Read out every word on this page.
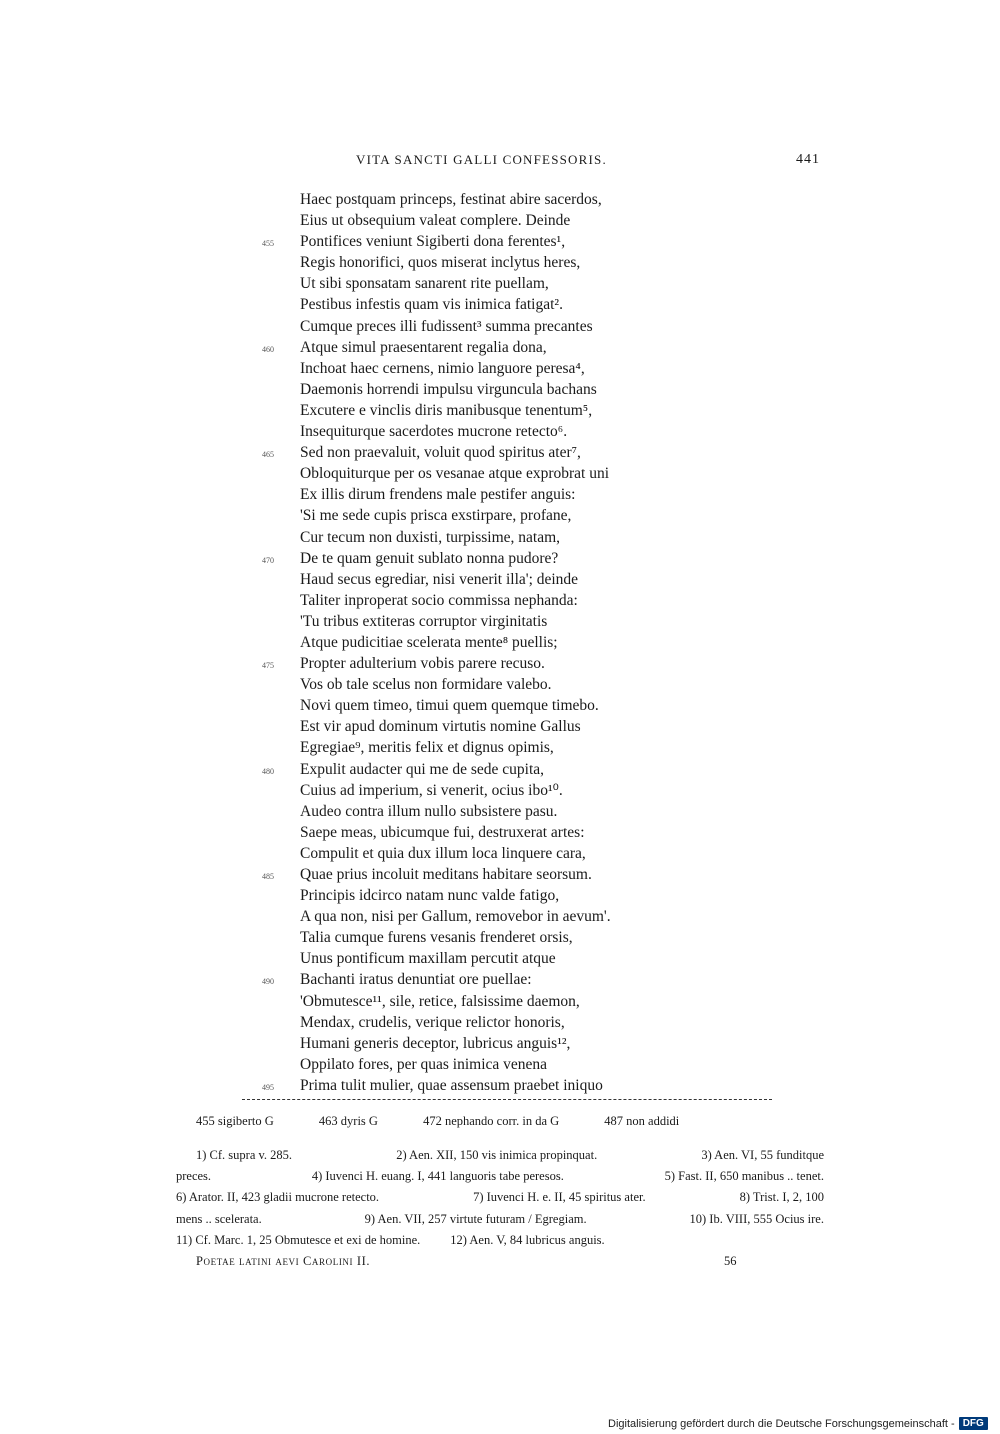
VITA SANCTI GALLI CONFESSORIS.	441
Haec postquam princeps, festinat abire sacerdos,
Eius ut obsequium valeat complere. Deinde
455 Pontifices veniunt Sigiberti dona ferentes¹,
Regis honorifici, quos miserat inclytus heres,
Ut sibi sponsatam sanarent rite puellam,
Pestibus infestis quam vis inimica fatigat².
Cumque preces illi fudissent³ summa precantes
460 Atque simul praesentarent regalia dona,
Inchoat haec cernens, nimio languore peresa⁴,
Daemonis horrendi impulsu virguncula bachans
Excutere e vinclis diris manibusque tenentum⁵,
Insequiturque sacerdotes mucrone retecto⁶.
465 Sed non praevaluit, voluit quod spiritus ater⁷,
Obloquiturque per os vesanae atque exprobrat uni
Ex illis dirum frendens male pestifer anguis:
'Si me sede cupis prisca exstirpare, profane,
Cur tecum non duxisti, turpissime, natam,
470 De te quam genuit sublato nonna pudore?
Haud secus egrediar, nisi venerit illa'; deinde
Taliter inproperat socio commissa nephanda:
'Tu tribus extiteras corruptor virginitatis
Atque pudicitiae scelerata mente⁸ puellis;
475 Propter adulterium vobis parere recuso.
Vos ob tale scelus non formidare valebo.
Novi quem timeo, timui quem quemque timebo.
Est vir apud dominum virtutis nomine Gallus
Egregiae⁹, meritis felix et dignus opimis,
480 Expulit audacter qui me de sede cupita,
Cuius ad imperium, si venerit, ocius ibo¹⁰.
Audeo contra illum nullo subsistere pasu.
Saepe meas, ubicumque fui, destruxerat artes:
Compulit et quia dux illum loca linquere cara,
485 Quae prius incoluit meditans habitare seorsum.
Principis idcirco natam nunc valde fatigo,
A qua non, nisi per Gallum, removebor in aevum'.
Talia cumque furens vesanis frenderet orsis,
Unus pontificum maxillam percutit atque
490 Bachanti iratus denuntiat ore puellae:
'Obmutesce¹¹, sile, retice, falsissime daemon,
Mendax, crudelis, verique relictor honoris,
Humani generis deceptor, lubricus anguis¹²,
Oppilato fores, per quas inimica venena
495 Prima tulit mulier, quae assensum praebet iniquo
455 sigiberto G	463 dyris G	472 nephando corr. in da G	487 non addidi
1) Cf. supra v. 285.	2) Aen. XII, 150 vis inimica propinquat.	3) Aen. VI, 55 funditque
preces.	4) Iuvenci H. euang. I, 441 languoris tabe peresos.	5) Fast. II, 650 manibus .. tenet.
6) Arator. II, 423 gladii mucrone retecto.	7) Iuvenci H. e. II, 45 spiritus ater.	8) Trist. I, 2, 100
mens .. scelerata.	9) Aen. VII, 257 virtute futuram / Egregiam.	10) Ib. VIII, 555 Ocius ire.
11) Cf. Marc. 1, 25 Obmutesce et exi de homine. 12) Aen. V, 84 lubricus anguis.
Poetae latini aevi Carolini II.	56
Digitalisierung gefördert durch die Deutsche Forschungsgemeinschaft - DFG
